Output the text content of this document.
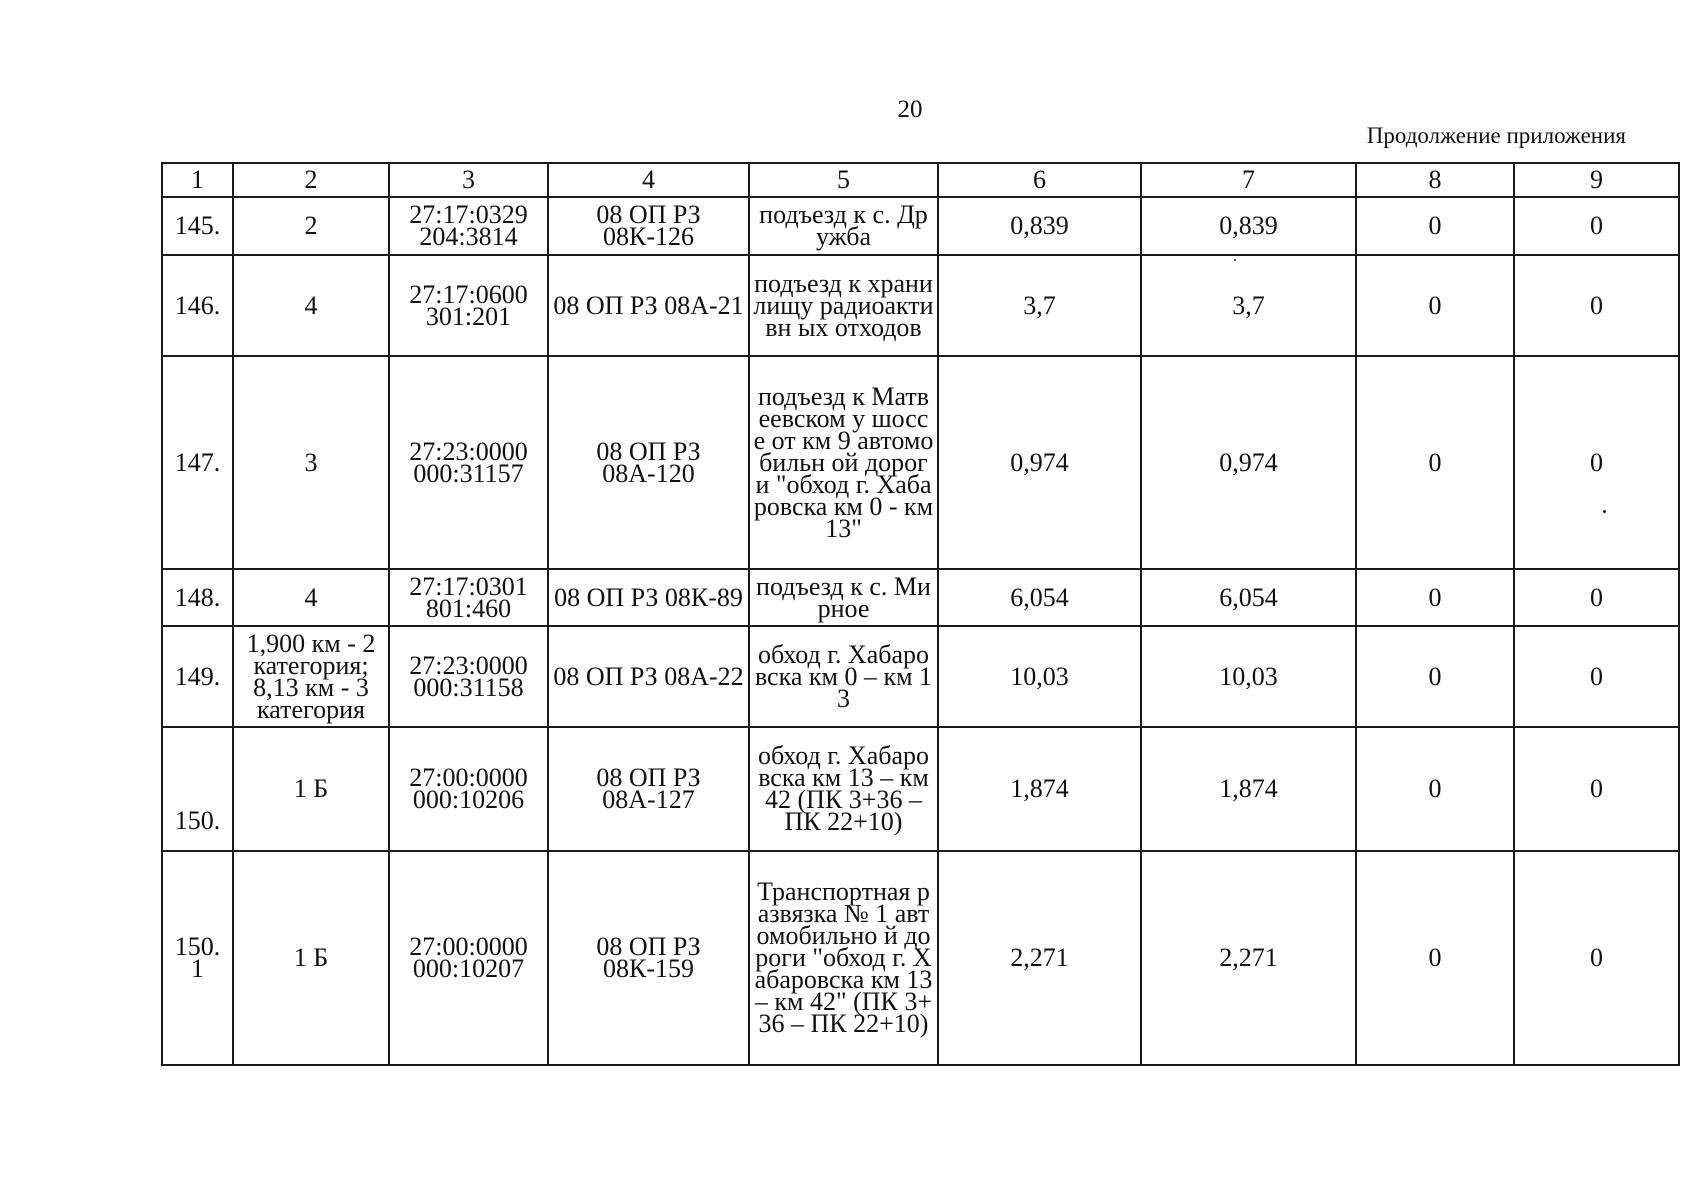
20
Продолжение приложения
1	2	3	4	5	6	7	8	9
145.	2	27:17:0329 204:3814	08 ОП РЗ 08К-126	подъезд к с. Дружба	0,839	0,839	0	0
146.	4	27:17:0600 301:201	08 ОП РЗ 08А-21	подъезд к хранилищу радиоактивн ых отходов	3,7	3,7	0	0
147.	3	27:23:0000 000:31157	08 ОП РЗ 08А-120	подъезд к Матвеевском у шоссе от км 9 автомобильн ой дороги "обход г. Хабаровска км 0 - км 13"	0,974	0,974	0	0
148.	4	27:17:0301 801:460	08 ОП РЗ 08К-89	подъезд к с. Мирное	6,054	6,054	0	0
149.	1,900 км - 2 категория; 8,13 км - 3 категория	27:23:0000 000:31158	08 ОП РЗ 08А-22	обход г. Хабаровска км 0 – км 13	10,03	10,03	0	0
150.	1 Б	27:00:0000 000:10206	08 ОП РЗ 08А-127	обход г. Хабаровска км 13 – км 42 (ПК 3+36 – ПК 22+10)	1,874	1,874	0	0
150. 1	1 Б	27:00:0000 000:10207	08 ОП РЗ 08К-159	Транспортная развязка № 1 автомобильно й дороги "обход г. Хабаровска км 13 – км 42" (ПК 3+36 – ПК 22+10)	2,271	2,271	0	0
